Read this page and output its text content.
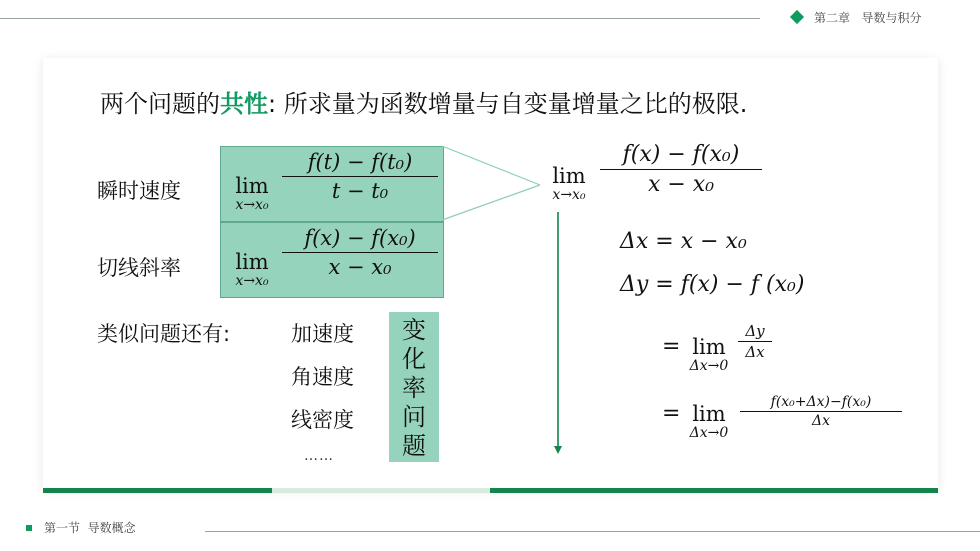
第二章   导数与积分
两个问题的共性: 所求量为函数增量与自变量增量之比的极限.
瞬时速度	lim
x→x₀
$\frac{\text{f(t) − f(t₀)}}{\text{t − t₀}}$
切线斜率	lim
x→x₀
$\frac{\text{f(x) − f(x₀)}}{\text{x − x₀}}$
类似问题还有:	加速度
角速度
线密度
……
变
化
率
问
题
lim
$x\to x_0 \frac{\text{f(x) − f(x₀)}}{\text{x − x₀}}$
Δx = x − x₀
Δy = f(x) − f (x₀)
= lim
Δx→0
$\frac{\Delta y}{\Delta x}$
= lim
Δx→0
$\frac{\text{f(x₀+Δx)−f(x₀)}}{\Delta x}$
第一节  导数概念
